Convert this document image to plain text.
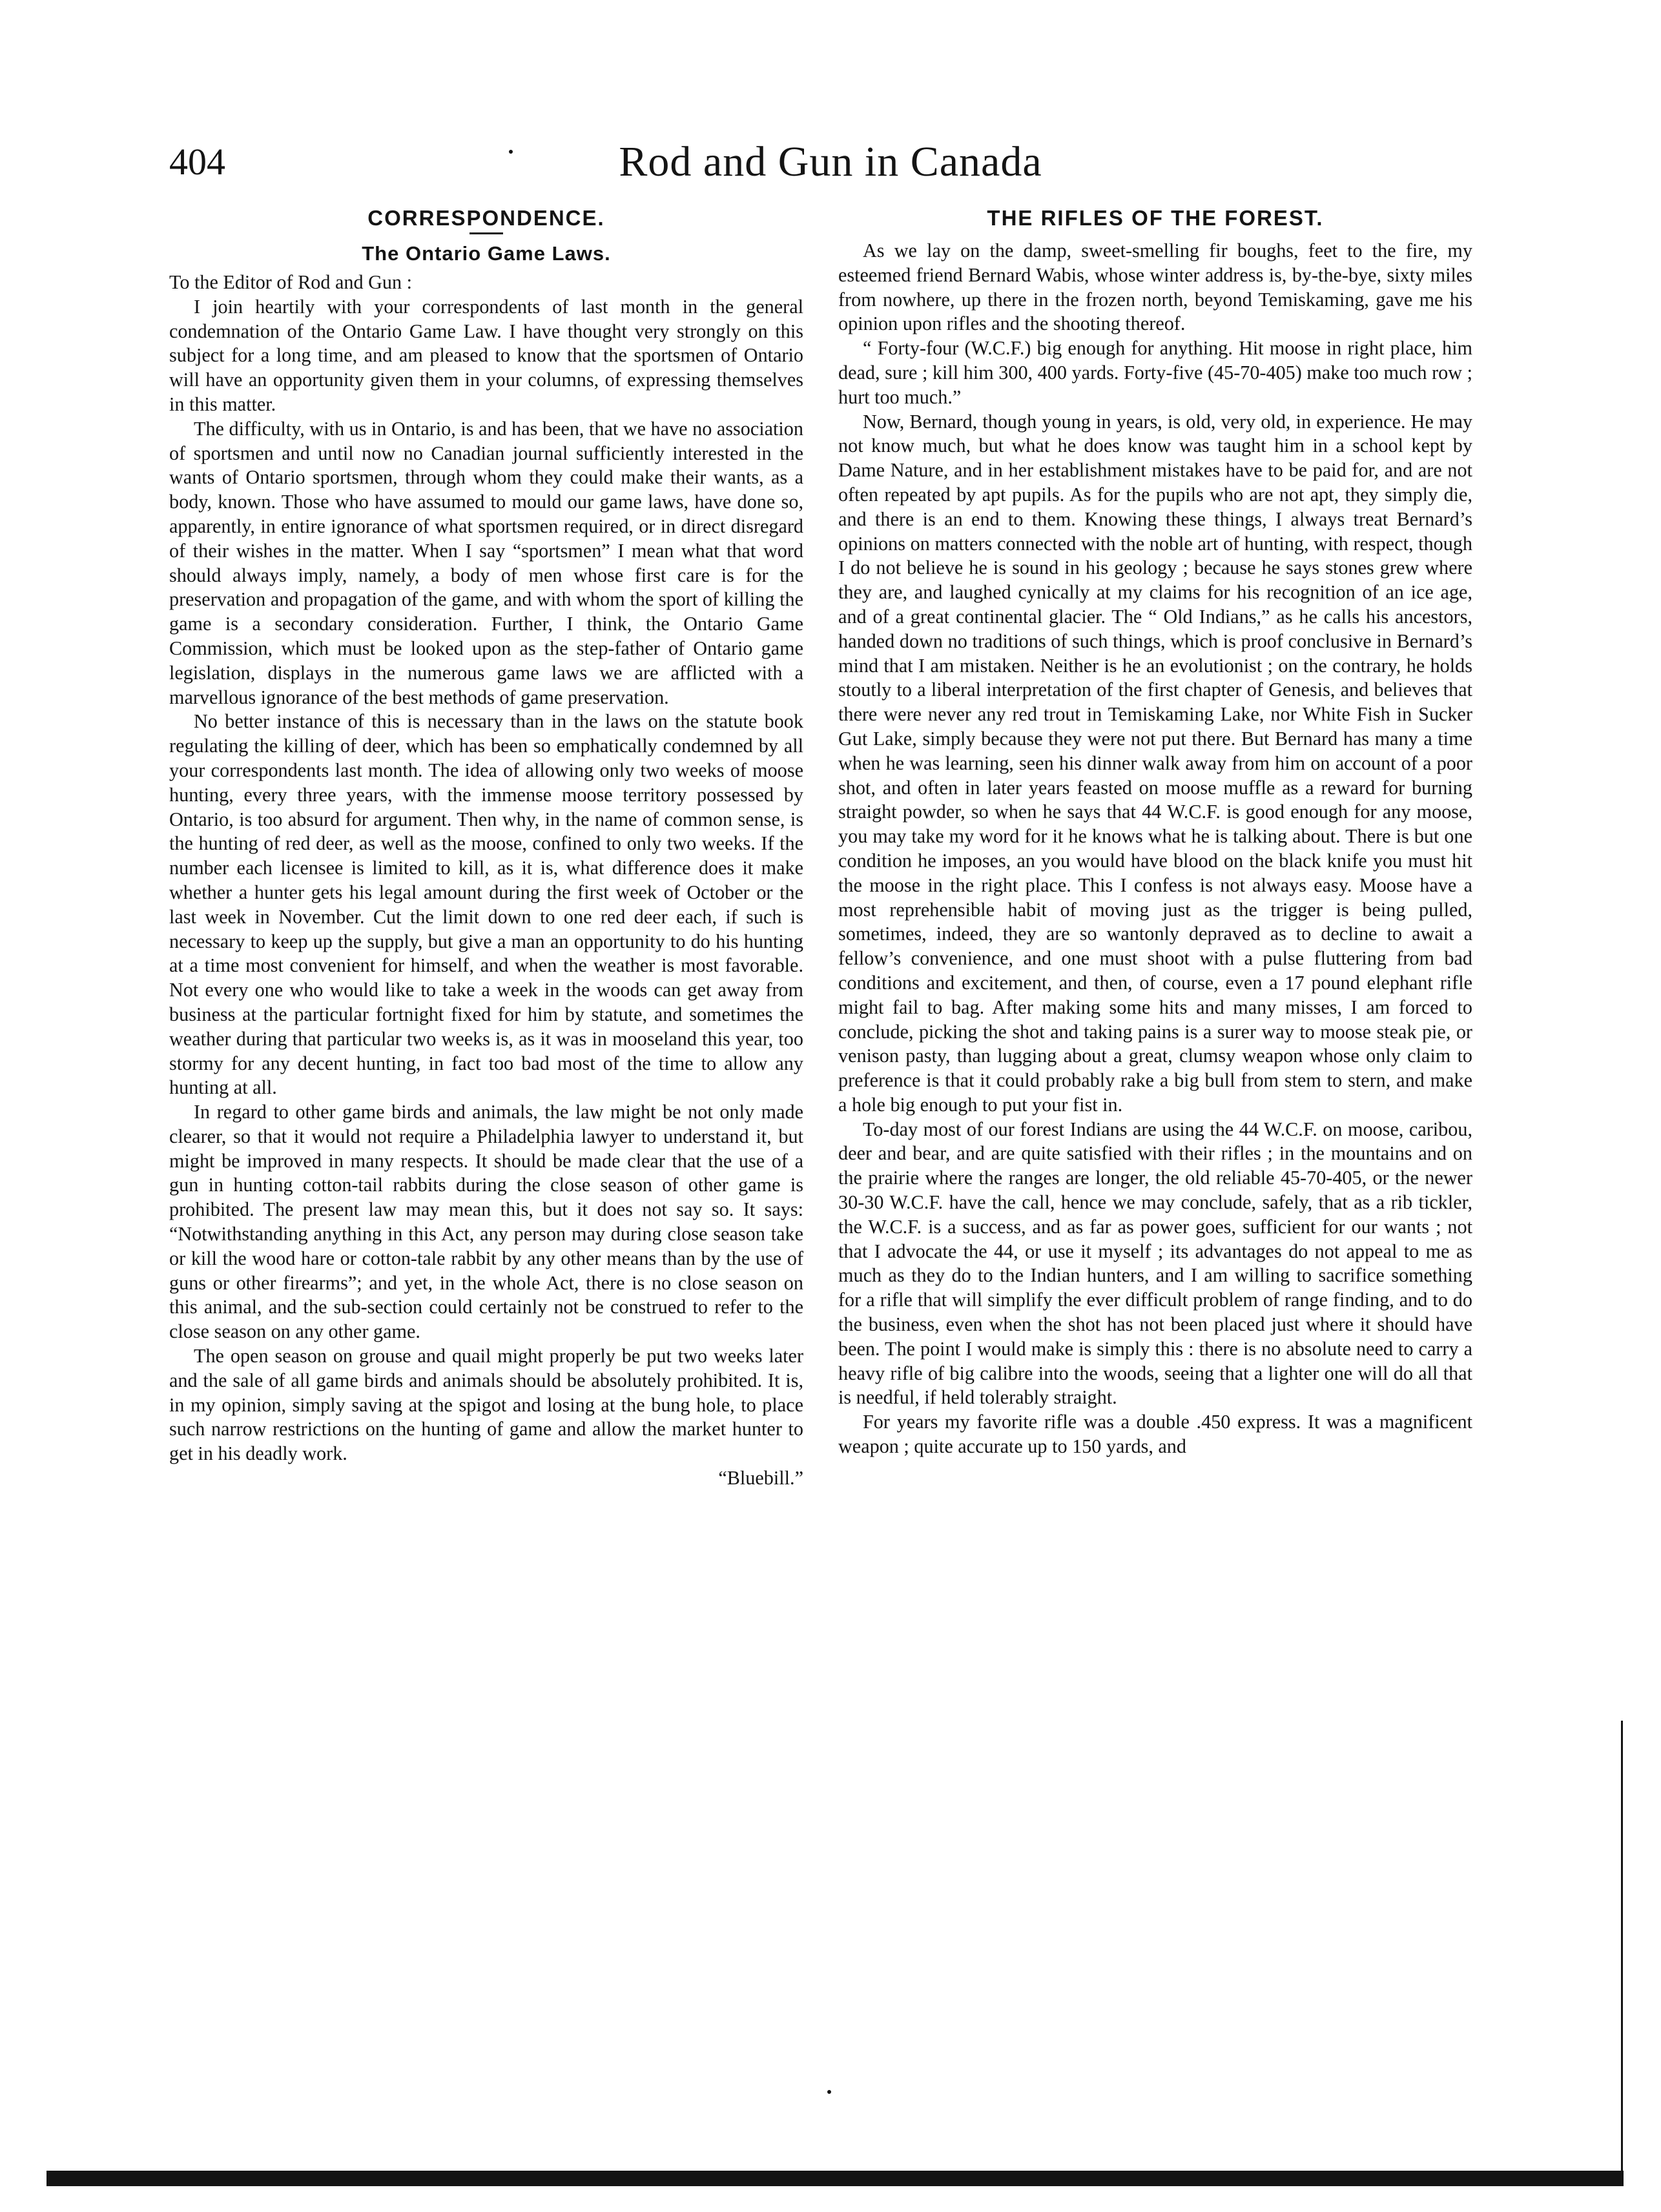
404	Rod and Gun in Canada
CORRESPONDENCE.
The Ontario Game Laws.
To the Editor of Rod and Gun :

I join heartily with your correspondents of last month in the general condemnation of the Ontario Game Law. I have thought very strongly on this subject for a long time, and am pleased to know that the sportsmen of Ontario will have an opportunity given them in your columns, of expressing themselves in this matter.

The difficulty, with us in Ontario, is and has been, that we have no association of sportsmen and until now no Canadian journal sufficiently interested in the wants of Ontario sportsmen, through whom they could make their wants, as a body, known. Those who have assumed to mould our game laws, have done so, apparently, in entire ignorance of what sportsmen required, or in direct disregard of their wishes in the matter. When I say “sportsmen” I mean what that word should always imply, namely, a body of men whose first care is for the preservation and propagation of the game, and with whom the sport of killing the game is a secondary consideration. Further, I think, the Ontario Game Commission, which must be looked upon as the step-father of Ontario game legislation, displays in the numerous game laws we are afflicted with a marvellous ignorance of the best methods of game preservation.

No better instance of this is necessary than in the laws on the statute book regulating the killing of deer, which has been so emphatically condemned by all your correspondents last month. The idea of allowing only two weeks of moose hunting, every three years, with the immense moose territory possessed by Ontario, is too absurd for argument. Then why, in the name of common sense, is the hunting of red deer, as well as the moose, confined to only two weeks. If the number each licensee is limited to kill, as it is, what difference does it make whether a hunter gets his legal amount during the first week of October or the last week in November. Cut the limit down to one red deer each, if such is necessary to keep up the supply, but give a man an opportunity to do his hunting at a time most convenient for himself, and when the weather is most favorable. Not every one who would like to take a week in the woods can get away from business at the particular fortnight fixed for him by statute, and sometimes the weather during that particular two weeks is, as it was in mooseland this year, too stormy for any decent hunting, in fact too bad most of the time to allow any hunting at all.

In regard to other game birds and animals, the law might be not only made clearer, so that it would not require a Philadelphia lawyer to understand it, but might be improved in many respects. It should be made clear that the use of a gun in hunting cotton-tail rabbits during the close season of other game is prohibited. The present law may mean this, but it does not say so. It says: “Notwithstanding anything in this Act, any person may during close season take or kill the wood hare or cotton-tale rabbit by any other means than by the use of guns or other firearms”; and yet, in the whole Act, there is no close season on this animal, and the sub-section could certainly not be construed to refer to the close season on any other game.

The open season on grouse and quail might properly be put two weeks later and the sale of all game birds and animals should be absolutely prohibited. It is, in my opinion, simply saving at the spigot and losing at the bung hole, to place such narrow restrictions on the hunting of game and allow the market hunter to get in his deadly work.

“Bluebill.”
THE RIFLES OF THE FOREST.

As we lay on the damp, sweet-smelling fir boughs, feet to the fire, my esteemed friend Bernard Wabis, whose winter address is, by-the-bye, sixty miles from nowhere, up there in the frozen north, beyond Temiskaming, gave me his opinion upon rifles and the shooting thereof.

“ Forty-four (W.C.F.) big enough for anything. Hit moose in right place, him dead, sure ; kill him 300, 400 yards. Forty-five (45-70-405) make too much row ; hurt too much.”

Now, Bernard, though young in years, is old, very old, in experience. He may not know much, but what he does know was taught him in a school kept by Dame Nature, and in her establishment mistakes have to be paid for, and are not often repeated by apt pupils. As for the pupils who are not apt, they simply die, and there is an end to them. Knowing these things, I always treat Bernard’s opinions on matters connected with the noble art of hunting, with respect, though I do not believe he is sound in his geology ; because he says stones grew where they are, and laughed cynically at my claims for his recognition of an ice age, and of a great continental glacier. The “ Old Indians,” as he calls his ancestors, handed down no traditions of such things, which is proof conclusive in Bernard’s mind that I am mistaken. Neither is he an evolutionist ; on the contrary, he holds stoutly to a liberal interpretation of the first chapter of Genesis, and believes that there were never any red trout in Temiskaming Lake, nor White Fish in Sucker Gut Lake, simply because they were not put there. But Bernard has many a time when he was learning, seen his dinner walk away from him on account of a poor shot, and often in later years feasted on moose muffle as a reward for burning straight powder, so when he says that 44 W.C.F. is good enough for any moose, you may take my word for it he knows what he is talking about. There is but one condition he imposes, an you would have blood on the black knife you must hit the moose in the right place. This I confess is not always easy. Moose have a most reprehensible habit of moving just as the trigger is being pulled, sometimes, indeed, they are so wantonly depraved as to decline to await a fellow’s convenience, and one must shoot with a pulse fluttering from bad conditions and excitement, and then, of course, even a 17 pound elephant rifle might fail to bag. After making some hits and many misses, I am forced to conclude, picking the shot and taking pains is a surer way to moose steak pie, or venison pasty, than lugging about a great, clumsy weapon whose only claim to preference is that it could probably rake a big bull from stem to stern, and make a hole big enough to put your fist in.

To-day most of our forest Indians are using the 44 W.C.F. on moose, caribou, deer and bear, and are quite satisfied with their rifles ; in the mountains and on the prairie where the ranges are longer, the old reliable 45-70-405, or the newer 30-30 W.C.F. have the call, hence we may conclude, safely, that as a rib tickler, the W.C.F. is a success, and as far as power goes, sufficient for our wants ; not that I advocate the 44, or use it myself ; its advantages do not appeal to me as much as they do to the Indian hunters, and I am willing to sacrifice something for a rifle that will simplify the ever difficult problem of range finding, and to do the business, even when the shot has not been placed just where it should have been. The point I would make is simply this : there is no absolute need to carry a heavy rifle of big calibre into the woods, seeing that a lighter one will do all that is needful, if held tolerably straight.

For years my favorite rifle was a double .450 express. It was a magnificent weapon ; quite accurate up to 150 yards, and
